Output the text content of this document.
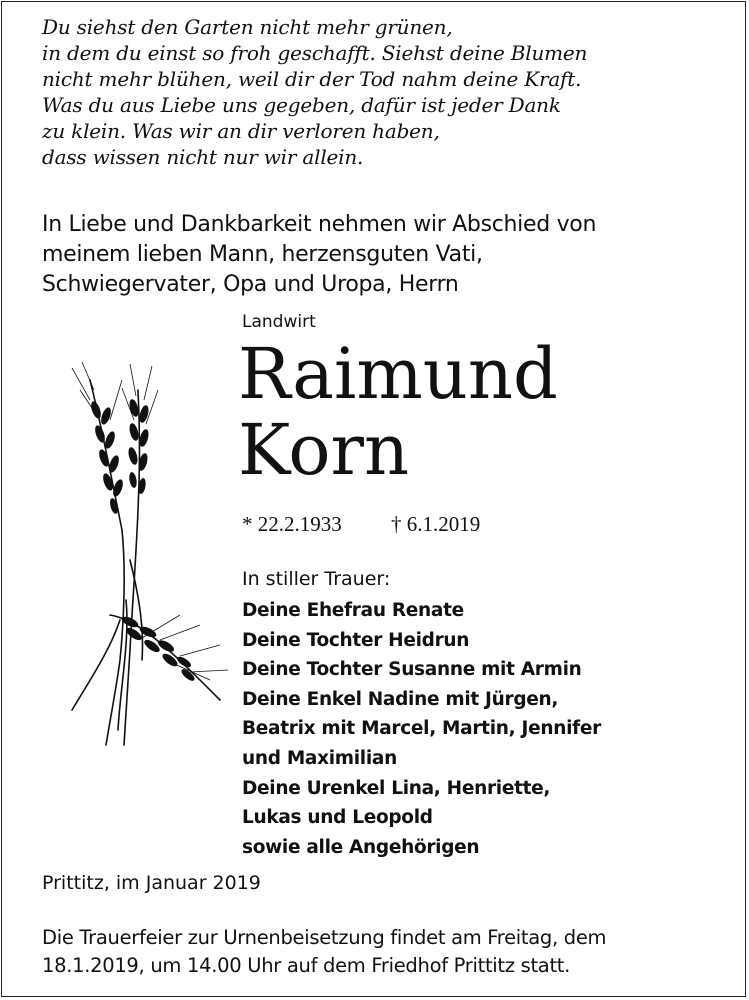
Du siehst den Garten nicht mehr grünen,
in dem du einst so froh geschafft. Siehst deine Blumen
nicht mehr blühen, weil dir der Tod nahm deine Kraft.
Was du aus Liebe uns gegeben, dafür ist jeder Dank
zu klein. Was wir an dir verloren haben,
dass wissen nicht nur wir allein.
In Liebe und Dankbarkeit nehmen wir Abschied von
meinem lieben Mann, herzensguten Vati,
Schwiegervater, Opa und Uropa, Herrn
Landwirt
Raimund
Korn
* 22.2.1933 † 6.1.2019
In stiller Trauer:
Deine Ehefrau Renate
Deine Tochter Heidrun
Deine Tochter Susanne mit Armin
Deine Enkel Nadine mit Jürgen,
Beatrix mit Marcel, Martin, Jennifer
und Maximilian
Deine Urenkel Lina, Henriette,
Lukas und Leopold
sowie alle Angehörigen
Prittitz, im Januar 2019
Die Trauerfeier zur Urnenbeisetzung findet am Freitag, dem
18.1.2019, um 14.00 Uhr auf dem Friedhof Prittitz statt.
